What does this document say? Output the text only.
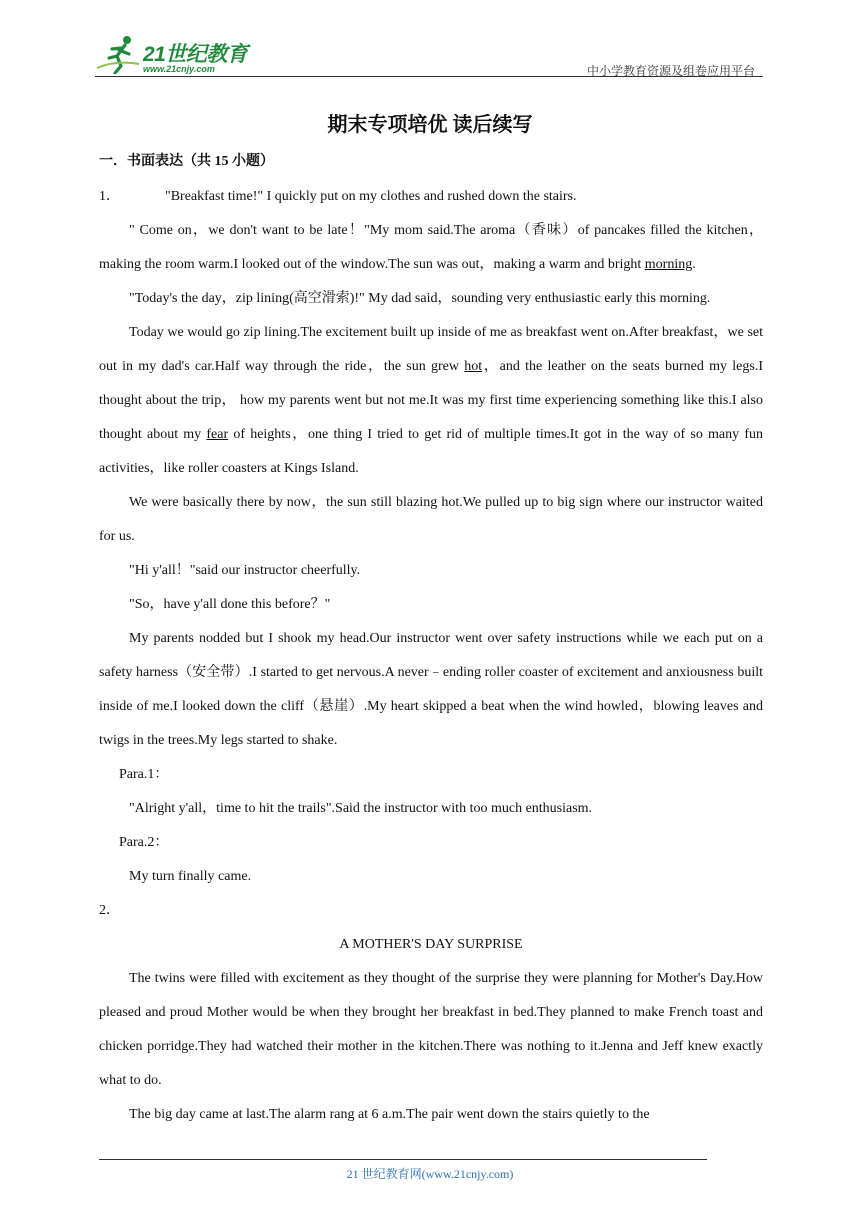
21世纪教育
www.21cnjy.com	中小学教育资源及组卷应用平台
期末专项培优 读后续写
一．书面表达（共 15 小题）

1．	"Breakfast time!" I quickly put on my clothes and rushed down the stairs.

" Come on，we don't want to be late！"My mom said.The aroma（香味）of pancakes filled the kitchen，making the room warm.I looked out of the window.The sun was out，making a warm and bright morning.

"Today's the day，zip lining(高空滑索)!" My dad said，sounding very enthusiastic early this morning.

Today we would go zip lining.The excitement built up inside of me as breakfast went on.After breakfast，we set out in my dad's car.Half way through the ride，the sun grew hot，and the leather on the seats burned my legs.I thought about the trip， how my parents went but not me.It was my first time experiencing something like this.I also thought about my fear of heights，one thing I tried to get rid of multiple times.It got in the way of so many fun activities，like roller coasters at Kings Island.

We were basically there by now，the sun still blazing hot.We pulled up to big sign where our instructor waited for us.

"Hi y'all！"said our instructor cheerfully.

"So，have y'all done this before？"

My parents nodded but I shook my head.Our instructor went over safety instructions while we each put on a safety harness（安全带）.I started to get nervous.A never﹣ending roller coaster of excitement and anxiousness built inside of me.I looked down the cliff（悬崖）.My heart skipped a beat when the wind howled，blowing leaves and twigs in the trees.My legs started to shake.

Para.1：

"Alright y'all，time to hit the trails".Said the instructor with too much enthusiasm.

Para.2：

My turn finally came.

2．

A MOTHER'S DAY SURPRISE

The twins were filled with excitement as they thought of the surprise they were planning for Mother's Day.How pleased and proud Mother would be when they brought her breakfast in bed.They planned to make French toast and chicken porridge.They had watched their mother in the kitchen.There was nothing to it.Jenna and Jeff knew exactly what to do.

The big day came at last.The alarm rang at 6 a.m.The pair went down the stairs quietly to the

21 世纪教育网(www.21cnjy.com)
